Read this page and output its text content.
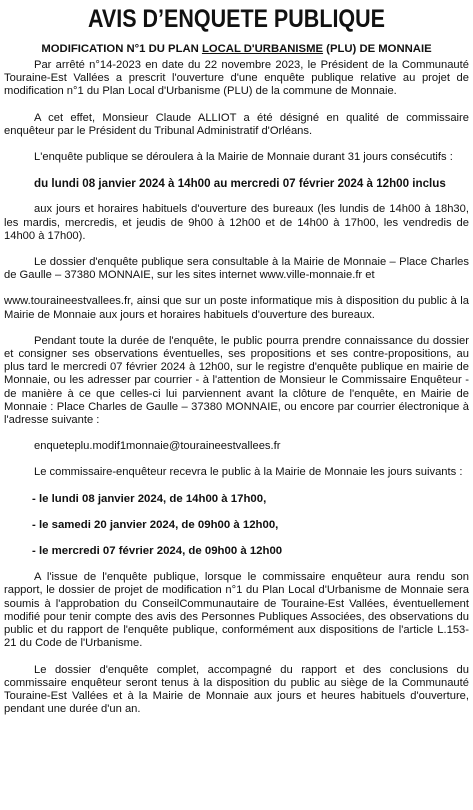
AVIS D’ENQUETE PUBLIQUE
MODIFICATION N°1 DU PLAN LOCAL D'URBANISME (PLU) DE MONNAIE

Par arrêté n°14-2023 en date du 22 novembre 2023, le Président de la Communauté Touraine-Est Vallées a prescrit l'ouverture d'une enquête publique relative au projet de modification n°1 du Plan Local d'Urbanisme (PLU) de la commune de Monnaie.

A cet effet, Monsieur Claude ALLIOT a été désigné en qualité de commissaire enquêteur par le Président du Tribunal Administratif d'Orléans.

L'enquête publique se déroulera à la Mairie de Monnaie durant 31 jours consécutifs :

du lundi 08 janvier 2024 à 14h00 au mercredi 07 février 2024 à 12h00 inclus

aux jours et horaires habituels d'ouverture des bureaux (les lundis de 14h00 à 18h30, les mardis, mercredis, et jeudis de 9h00 à 12h00 et de 14h00 à 17h00, les vendredis de 14h00 à 17h00).

Le dossier d'enquête publique sera consultable à la Mairie de Monnaie – Place Charles de Gaulle – 37380 MONNAIE, sur les sites internet www.ville-monnaie.fr et

www.touraineestvallees.fr, ainsi que sur un poste informatique mis à disposition du public à la Mairie de Monnaie aux jours et horaires habituels d'ouverture des bureaux.

Pendant toute la durée de l'enquête, le public pourra prendre connaissance du dossier et consigner ses observations éventuelles, ses propositions et ses contre-propositions, au plus tard le mercredi 07 février 2024 à 12h00, sur le registre d'enquête publique en mairie de Monnaie, ou les adresser par courrier - à l'attention de Monsieur le Commissaire Enquêteur - de manière à ce que celles-ci lui parviennent avant la clôture de l'enquête, en Mairie de Monnaie : Place Charles de Gaulle – 37380 MONNAIE, ou encore par courrier électronique à l'adresse suivante :

enqueteplu.modif1monnaie@touraineestvallees.fr

Le commissaire-enquêteur recevra le public à la Mairie de Monnaie les jours suivants :

- le lundi 08 janvier 2024, de 14h00 à 17h00,

- le samedi 20 janvier 2024, de 09h00 à 12h00,

- le mercredi 07 février 2024, de 09h00 à 12h00

A l'issue de l'enquête publique, lorsque le commissaire enquêteur aura rendu son rapport, le dossier de projet de modification n°1 du Plan Local d'Urbanisme de Monnaie sera soumis à l'approbation du ConseilCommunautaire de Touraine-Est Vallées, éventuellement modifié pour tenir compte des avis des Personnes Publiques Associées, des observations du public et du rapport de l'enquête publique, conformément aux dispositions de l'article L.153-21 du Code de l'Urbanisme.

Le dossier d'enquête complet, accompagné du rapport et des conclusions du commissaire enquêteur seront tenus à la disposition du public au siège de la Communauté Touraine-Est Vallées et à la Mairie de Monnaie aux jours et heures habituels d'ouverture, pendant une durée d'un an.
